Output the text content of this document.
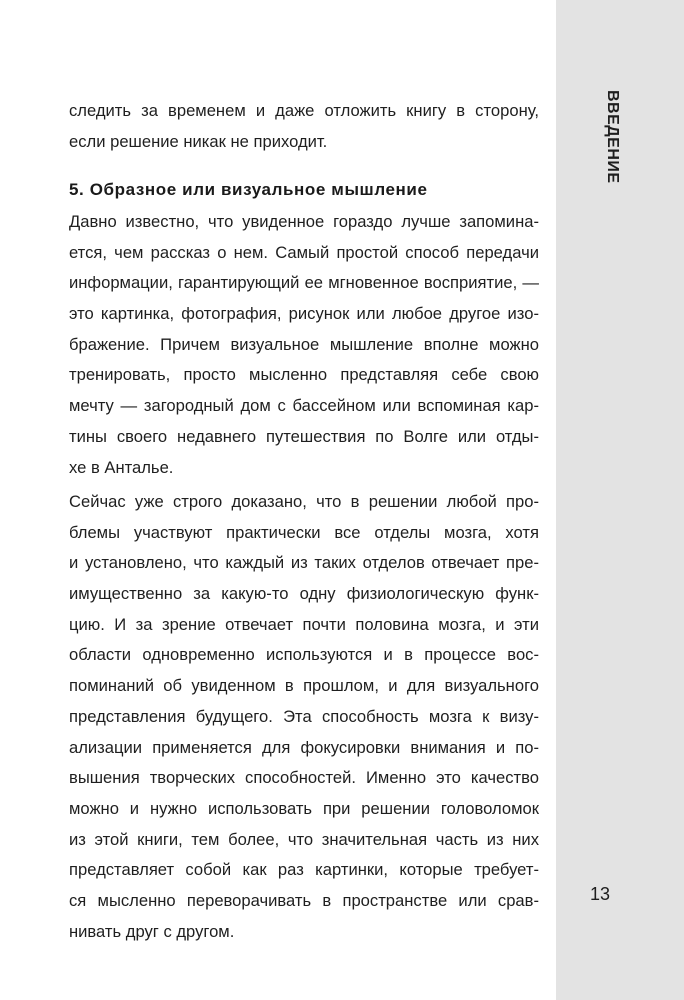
ВВЕДЕНИЕ
следить за временем и даже отложить книгу в сторону,
если решение никак не приходит.
5. Образное или визуальное мышление
Давно известно, что увиденное гораздо лучше запомина-
ется, чем рассказ о нем. Самый простой способ передачи
информации, гарантирующий ее мгновенное восприятие, —
это картинка, фотография, рисунок или любое другое изо-
бражение. Причем визуальное мышление вполне можно
тренировать, просто мысленно представляя себе свою
мечту — загородный дом с бассейном или вспоминая кар-
тины своего недавнего путешествия по Волге или отды-
хе в Анталье.
Сейчас уже строго доказано, что в решении любой про-
блемы участвуют практически все отделы мозга, хотя
и установлено, что каждый из таких отделов отвечает пре-
имущественно за какую-то одну физиологическую функ-
цию. И за зрение отвечает почти половина мозга, и эти
области одновременно используются и в процессе вос-
поминаний об увиденном в прошлом, и для визуального
представления будущего. Эта способность мозга к визу-
ализации применяется для фокусировки внимания и по-
вышения творческих способностей. Именно это качество
можно и нужно использовать при решении головоломок
из этой книги, тем более, что значительная часть из них
представляет собой как раз картинки, которые требует-
ся мысленно переворачивать в пространстве или срав-
нивать друг с другом.
13
